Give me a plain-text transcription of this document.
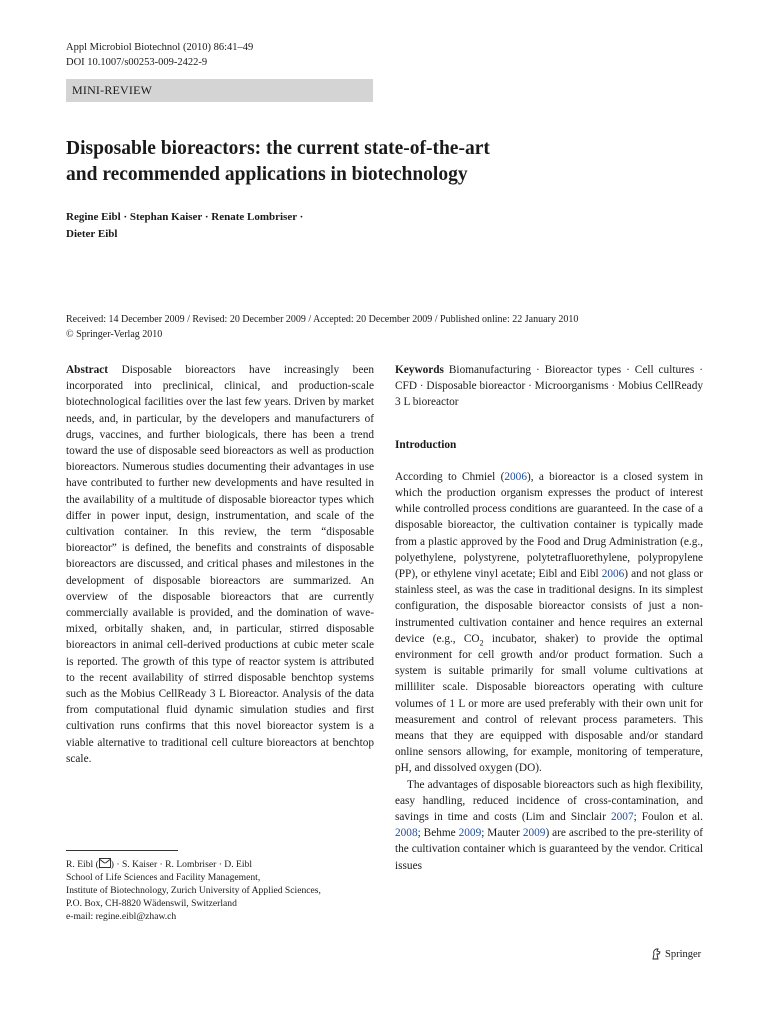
Appl Microbiol Biotechnol (2010) 86:41–49
DOI 10.1007/s00253-009-2422-9
MINI-REVIEW
Disposable bioreactors: the current state-of-the-art
and recommended applications in biotechnology
Regine Eibl · Stephan Kaiser · Renate Lombriser ·
Dieter Eibl
Received: 14 December 2009 / Revised: 20 December 2009 / Accepted: 20 December 2009 / Published online: 22 January 2010
© Springer-Verlag 2010

Abstract Disposable bioreactors have increasingly been incorporated into preclinical, clinical, and production-scale biotechnological facilities over the last few years. Driven by market needs, and, in particular, by the developers and manufacturers of drugs, vaccines, and further biologicals, there has been a trend toward the use of disposable seed bioreactors as well as production bioreactors. Numerous studies documenting their advantages in use have contributed to further new developments and have resulted in the availability of a multitude of disposable bioreactor types which differ in power input, design, instrumentation, and scale of the cultivation container. In this review, the term “disposable bioreactor” is defined, the benefits and constraints of disposable bioreactors are discussed, and critical phases and milestones in the development of disposable bioreactors are summarized. An overview of the disposable bioreactors that are currently commercially available is provided, and the domination of wave-mixed, orbitally shaken, and, in particular, stirred disposable bioreactors in animal cell-derived productions at cubic meter scale is reported. The growth of this type of reactor system is attributed to the recent availability of stirred disposable benchtop systems such as the Mobius CellReady 3 L Bioreactor. Analysis of the data from computational fluid dynamic simulation studies and first cultivation runs confirms that this novel bioreactor system is a viable alternative to traditional cell culture bioreactors at benchtop scale.

Keywords Biomanufacturing · Bioreactor types · Cell cultures · CFD · Disposable bioreactor · Microorganisms · Mobius CellReady 3 L bioreactor

Introduction

According to Chmiel (2006), a bioreactor is a closed system in which the production organism expresses the product of interest while controlled process conditions are guaranteed. In the case of a disposable bioreactor, the cultivation container is typically made from a plastic approved by the Food and Drug Administration (e.g., polyethylene, polystyrene, polytetrafluorethylene, polypropylene (PP), or ethylene vinyl acetate; Eibl and Eibl 2006) and not glass or stainless steel, as was the case in traditional designs. In its simplest configuration, the disposable bioreactor consists of just a non-instrumented cultivation container and hence requires an external device (e.g., $CO_2$ incubator, shaker) to provide the optimal environment for cell growth and/or product formation. Such a system is suitable primarily for small volume cultivations at milliliter scale. Disposable bioreactors operating with culture volumes of 1 L or more are used preferably with their own unit for measurement and control of relevant process parameters. This means that they are equipped with disposable and/or standard online sensors allowing, for example, monitoring of temperature, pH, and dissolved oxygen (DO).

The advantages of disposable bioreactors such as high flexibility, easy handling, reduced incidence of cross-contamination, and savings in time and costs (Lim and Sinclair 2007; Foulon et al. 2008; Behme 2009; Mauter 2009) are ascribed to the pre-sterility of the cultivation container which is guaranteed by the vendor. Critical issues

R. Eibl ( ) · S. Kaiser · R. Lombriser · D. Eibl
School of Life Sciences and Facility Management,
Institute of Biotechnology, Zurich University of Applied Sciences,
P.O. Box, CH-8820 Wädenswil, Switzerland
e-mail: regine.eibl@zhaw.ch
Springer
